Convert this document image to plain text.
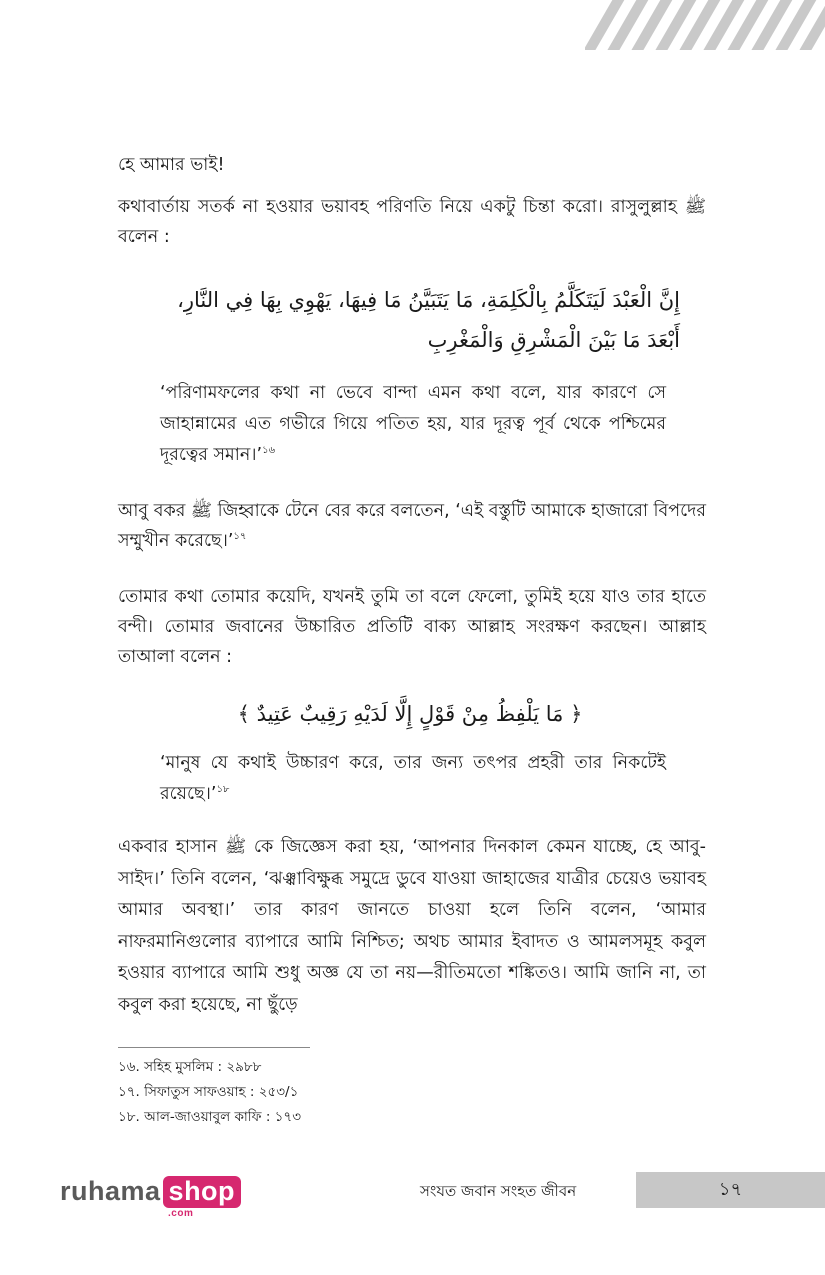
হে আমার ভাই!

কথাবার্তায় সতর্ক না হওয়ার ভয়াবহ পরিণতি নিয়ে একটু চিন্তা করো। রাসুলুল্লাহ ﷺ বলেন :

إِنَّ الْعَبْدَ لَيَتَكَلَّمُ بِالْكَلِمَةِ، مَا يَتَبَيَّنُ مَا فِيهَا، يَهْوِي بِهَا فِي النَّارِ،
أَبْعَدَ مَا بَيْنَ الْمَشْرِقِ وَالْمَغْرِبِ

‘পরিণামফলের কথা না ভেবে বান্দা এমন কথা বলে, যার কারণে সে জাহান্নামের এত গভীরে গিয়ে পতিত হয়, যার দূরত্ব পূর্ব থেকে পশ্চিমের দূরত্বের সমান।’$^{১৬}$

আবু বকর ﷺ জিহ্বাকে টেনে বের করে বলতেন, ‘এই বস্তুটি আমাকে হাজারো বিপদের সম্মুখীন করেছে।’$^{১৭}$

তোমার কথা তোমার কয়েদি, যখনই তুমি তা বলে ফেলো, তুমিই হয়ে যাও তার হাতে বন্দী। তোমার জবানের উচ্চারিত প্রতিটি বাক্য আল্লাহ সংরক্ষণ করছেন। আল্লাহ তাআলা বলেন :

﴿ مَا يَلْفِظُ مِنْ قَوْلٍ إِلَّا لَدَيْهِ رَقِيبٌ عَتِيدٌ ﴾

‘মানুষ যে কথাই উচ্চারণ করে, তার জন্য তৎপর প্রহরী তার নিকটেই রয়েছে।’$^{১৮}$

একবার হাসান ﷺ কে জিজ্ঞেস করা হয়, ‘আপনার দিনকাল কেমন যাচ্ছে, হে আবু-সাইদ।’ তিনি বলেন, ‘ঝঞ্ঝাবিক্ষুব্ধ সমুদ্রে ডুবে যাওয়া জাহাজের যাত্রীর চেয়েও ভয়াবহ আমার অবস্থা।’ তার কারণ জানতে চাওয়া হলে তিনি বলেন, ‘আমার নাফরমানিগুলোর ব্যাপারে আমি নিশ্চিত; অথচ আমার ইবাদত ও আমলসমূহ কবুল হওয়ার ব্যাপারে আমি শুধু অজ্ঞ যে তা নয়—রীতিমতো শঙ্কিতও। আমি জানি না, তা কবুল করা হয়েছে, না ছুঁড়ে

১৬. সহিহ মুসলিম : ২৯৮৮
১৭. সিফাতুস সাফওয়াহ : ২৫৩/১
১৮. আল-জাওয়াবুল কাফি : ১৭৩
ruhama shop
.com
সংযত জবান সংহত জীবন	১৭
